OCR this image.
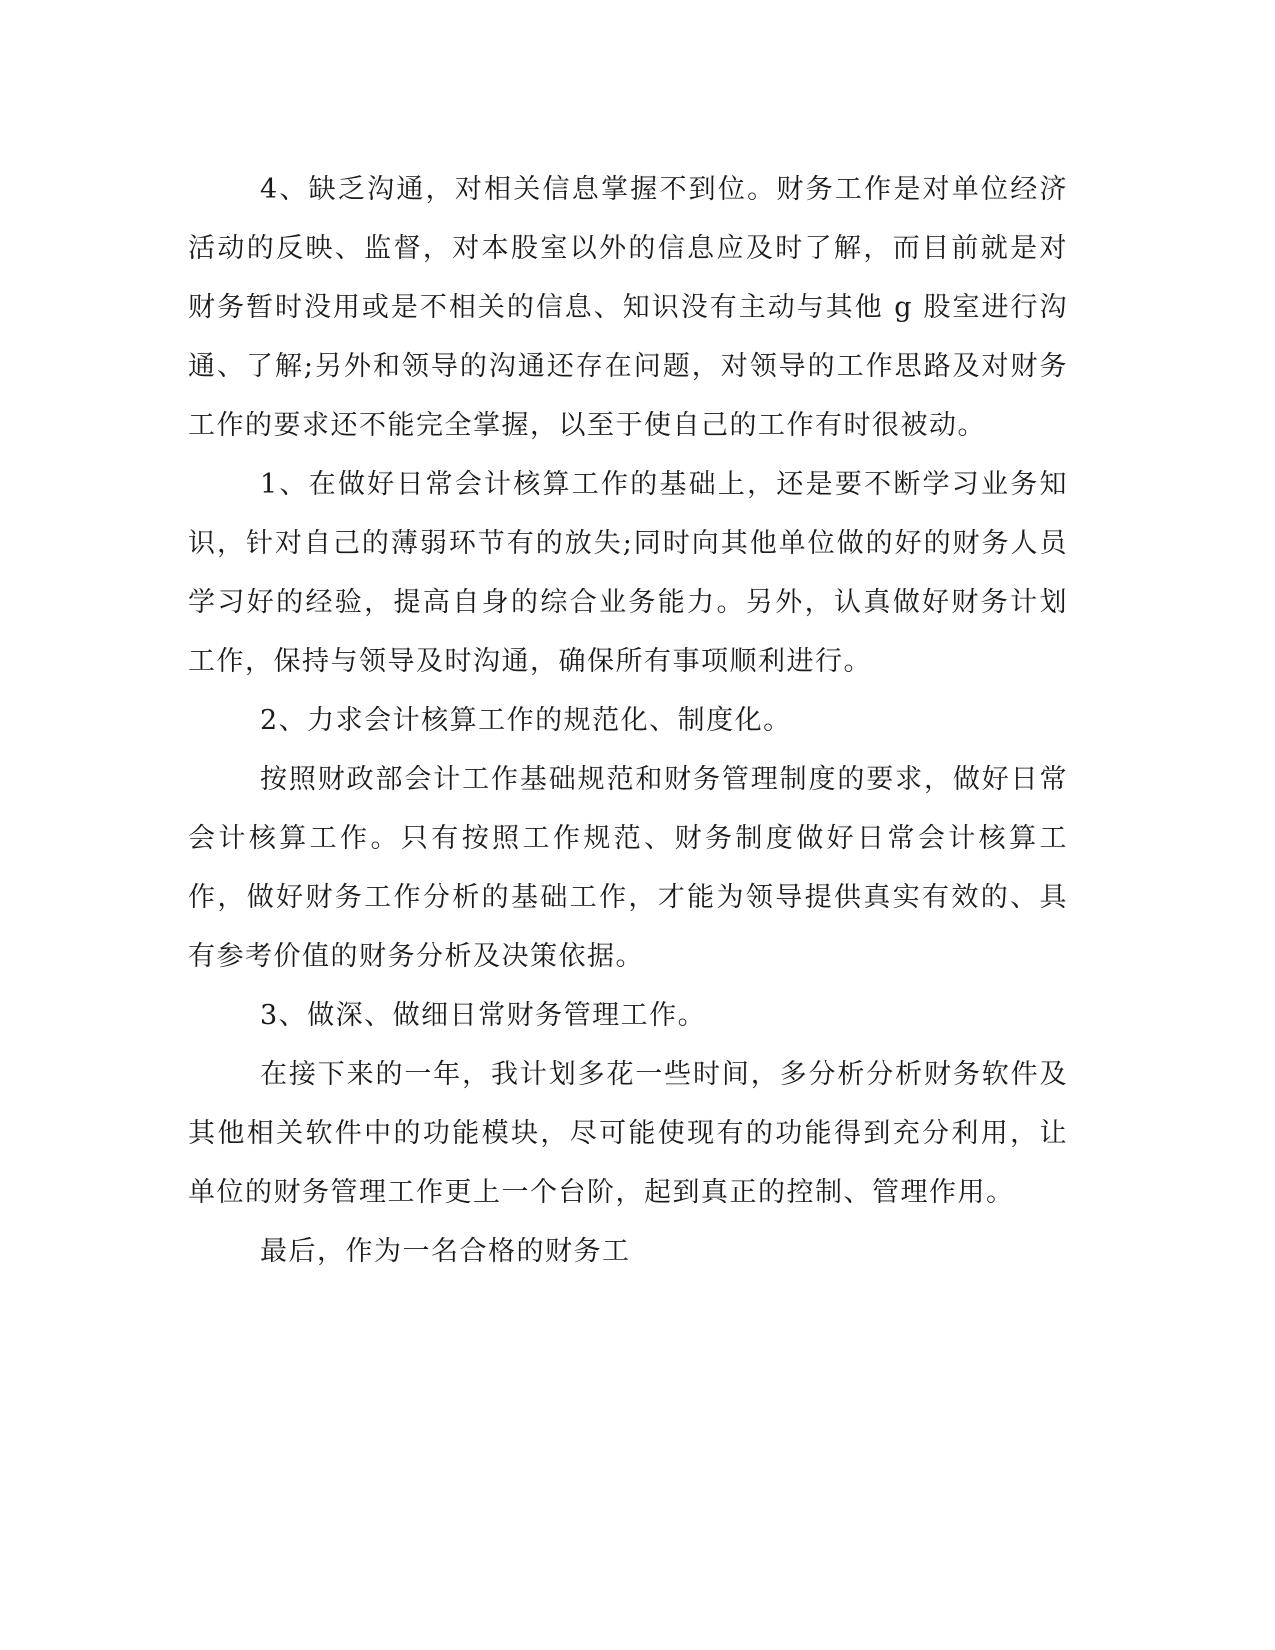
4、缺乏沟通，对相关信息掌握不到位。财务工作是对单位经济活动的反映、监督，对本股室以外的信息应及时了解，而目前就是对财务暂时没用或是不相关的信息、知识没有主动与其他 g 股室进行沟通、了解;另外和领导的沟通还存在问题，对领导的工作思路及对财务工作的要求还不能完全掌握，以至于使自己的工作有时很被动。

1、在做好日常会计核算工作的基础上，还是要不断学习业务知识，针对自己的薄弱环节有的放失;同时向其他单位做的好的财务人员学习好的经验，提高自身的综合业务能力。另外，认真做好财务计划工作，保持与领导及时沟通，确保所有事项顺利进行。

2、力求会计核算工作的规范化、制度化。

按照财政部会计工作基础规范和财务管理制度的要求，做好日常会计核算工作。只有按照工作规范、财务制度做好日常会计核算工作，做好财务工作分析的基础工作，才能为领导提供真实有效的、具有参考价值的财务分析及决策依据。

3、做深、做细日常财务管理工作。

在接下来的一年，我计划多花一些时间，多分析分析财务软件及其他相关软件中的功能模块，尽可能使现有的功能得到充分利用，让单位的财务管理工作更上一个台阶，起到真正的控制、管理作用。

最后，作为一名合格的财务工
